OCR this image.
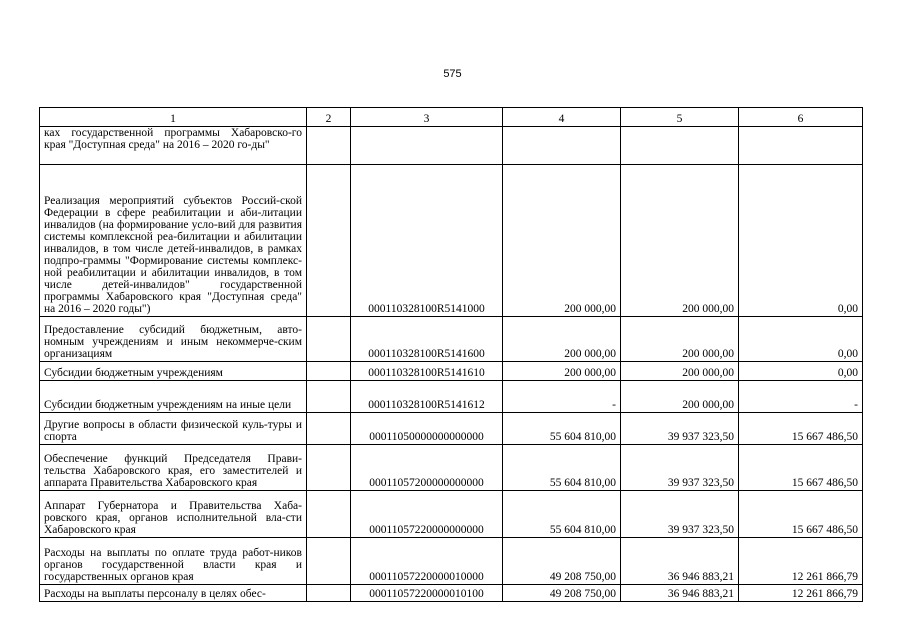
575
1	2	3	4	5	6
ках государственной программы Хабаровско-го края "Доступная среда" на 2016 – 2020 го-ды"					
Реализация мероприятий субъектов Россий-ской Федерации в сфере реабилитации и аби-литации инвалидов (на формирование усло-вий для развития системы комплексной реа-билитации и абилитации инвалидов, в том числе детей-инвалидов, в рамках подпро-граммы "Формирование системы комплекс-ной реабилитации и абилитации инвалидов, в том числе детей-инвалидов" государственной программы Хабаровского края "Доступная среда" на 2016 – 2020 годы")		000110328100R5141000	200 000,00	200 000,00	0,00
Предоставление субсидий бюджетным, авто-номным учреждениям и иным некоммерче-ским организациям		000110328100R5141600	200 000,00	200 000,00	0,00
Субсидии бюджетным учреждениям		000110328100R5141610	200 000,00	200 000,00	0,00
Субсидии бюджетным учреждениям на иные цели		000110328100R5141612	-	200 000,00	-
Другие вопросы в области физической куль-туры и спорта		00011050000000000000	55 604 810,00	39 937 323,50	15 667 486,50
Обеспечение функций Председателя Прави-тельства Хабаровского края, его заместителей и аппарата Правительства Хабаровского края		00011057200000000000	55 604 810,00	39 937 323,50	15 667 486,50
Аппарат Губернатора и Правительства Хаба-ровского края, органов исполнительной вла-сти Хабаровского края		00011057220000000000	55 604 810,00	39 937 323,50	15 667 486,50
Расходы на выплаты по оплате труда работ-ников органов государственной власти края и государственных органов края		00011057220000010000	49 208 750,00	36 946 883,21	12 261 866,79
Расходы на выплаты персоналу в целях обес-		00011057220000010100	49 208 750,00	36 946 883,21	12 261 866,79
